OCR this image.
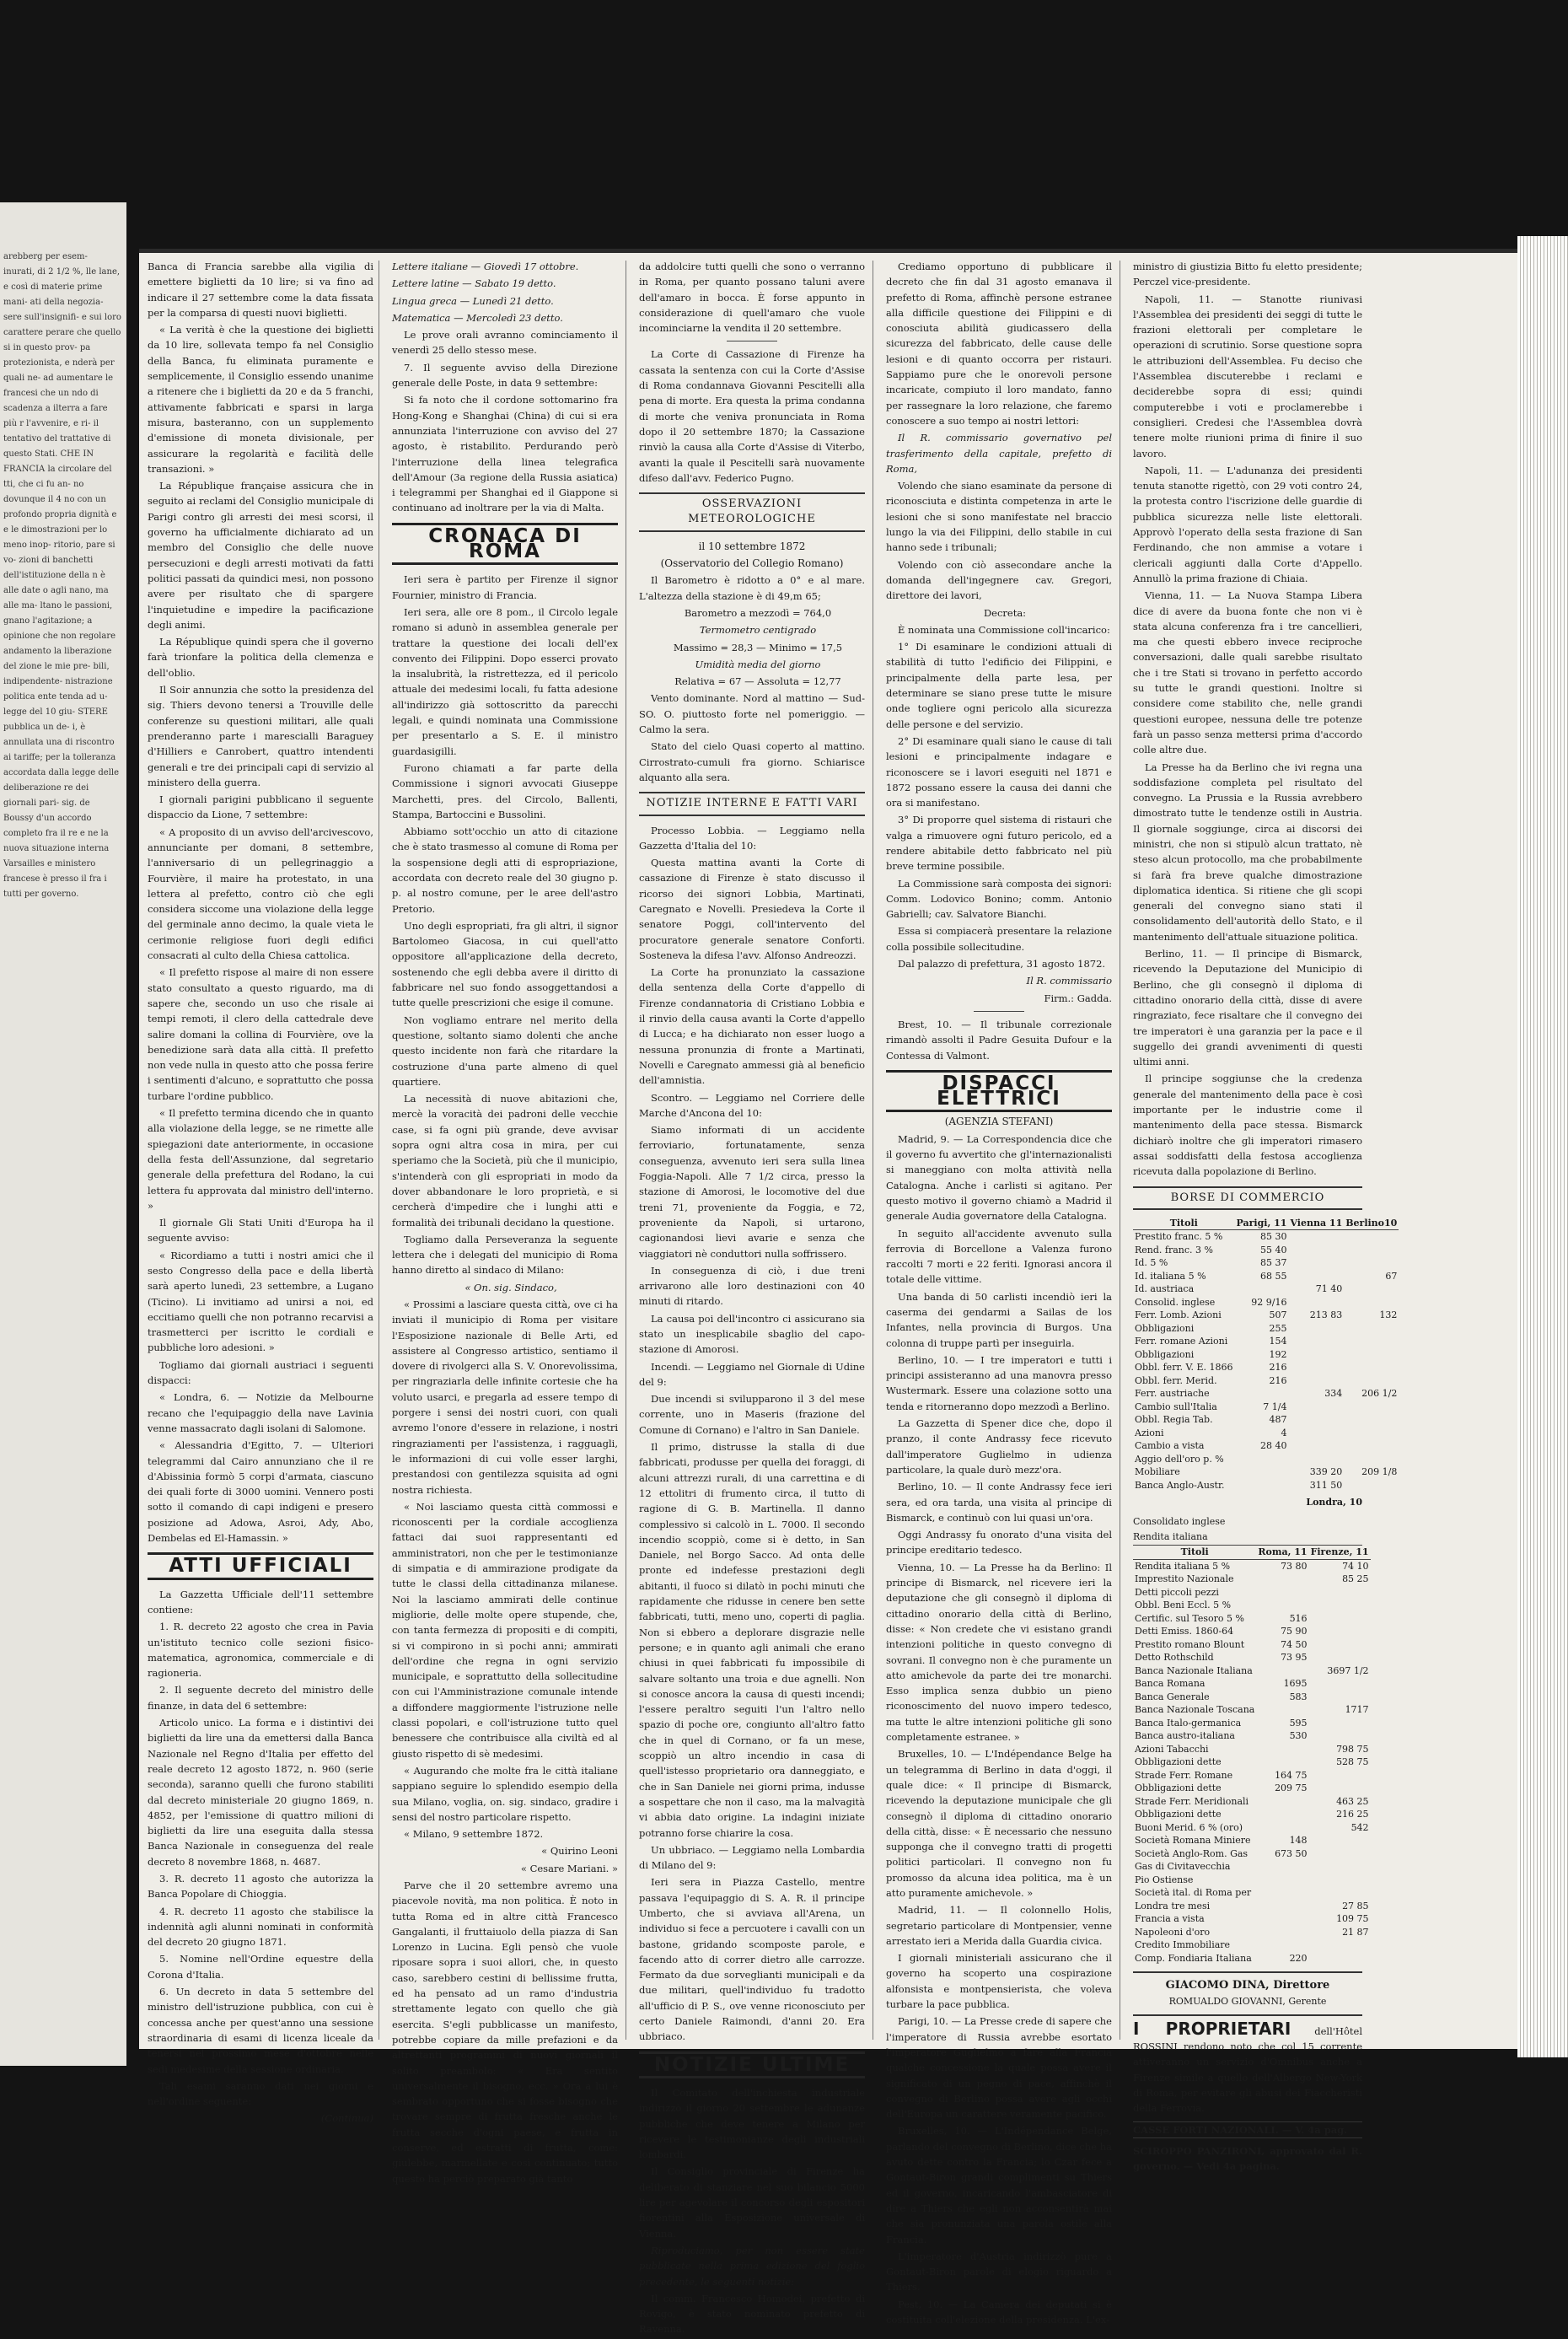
arebberg per esem- inurati, di 2 1/2 %, lle lane, e così di materie prime mani- ati della negozia- sere sull'insignifi- e sui loro carattere perare che quello si in questo prov- pa protezionista, e nderà per quali ne- ad aumentare le francesi che un ndo di scadenza a ilterra a fare più r l'avvenire, e ri- il tentativo del trattative di questo Stati. CHE IN FRANCIA la circolare del tti, che ci fu an- no dovunque il 4 no con un profondo propria dignità e e le dimostrazioni per lo meno inop- ritorio, pare si vo- zioni di banchetti dell'istituzione della n è alle date o agli nano, ma alle ma- ltano le passioni, gnano l'agitazione; a opinione che non regolare andamento la liberazione del zione le mie pre- bili, indipendente- nistrazione politica ente tenda ad u- legge del 10 giu- STERE pubblica un de- i, è annullata una di riscontro ai tariffe; per la tolleranza accordata dalla legge delle deliberazione re dei giornali pari- sig. de Boussy d'un accordo completo fra il re e ne la nuova situazione interna Varsailles e ministero francese è presso il fra i tutti per governo.

Banca di Francia sarebbe alla vigilia di emettere biglietti da 10 lire; si va fino ad indicare il 27 settembre come la data fissata per la comparsa di questi nuovi biglietti.

« La verità è che la questione dei biglietti da 10 lire, sollevata tempo fa nel Consiglio della Banca, fu eliminata puramente e semplicemente, il Consiglio essendo unanime a ritenere che i biglietti da 20 e da 5 franchi, attivamente fabbricati e sparsi in larga misura, basteranno, con un supplemento d'emissione di moneta divisionale, per assicurare la regolarità e facilità delle transazioni. »

La République française assicura che in seguito ai reclami del Consiglio municipale di Parigi contro gli arresti dei mesi scorsi, il governo ha ufficialmente dichiarato ad un membro del Consiglio che delle nuove persecuzioni e degli arresti motivati da fatti politici passati da quindici mesi, non possono avere per risultato che di spargere l'inquietudine e impedire la pacificazione degli animi.

La République quindi spera che il governo farà trionfare la politica della clemenza e dell'oblio.

Il Soir annunzia che sotto la presidenza del sig. Thiers devono tenersi a Trouville delle conferenze su questioni militari, alle quali prenderanno parte i marescialli Baraguey d'Hilliers e Canrobert, quattro intendenti generali e tre dei principali capi di servizio al ministero della guerra.

I giornali parigini pubblicano il seguente dispaccio da Lione, 7 settembre:

« A proposito di un avviso dell'arcivescovo, annunciante per domani, 8 settembre, l'anniversario di un pellegrinaggio a Fourvière, il maire ha protestato, in una lettera al prefetto, contro ciò che egli considera siccome una violazione della legge del germinale anno decimo, la quale vieta le cerimonie religiose fuori degli edifici consacrati al culto della Chiesa cattolica.

« Il prefetto rispose al maire di non essere stato consultato a questo riguardo, ma di sapere che, secondo un uso che risale ai tempi remoti, il clero della cattedrale deve salire domani la collina di Fourvière, ove la benedizione sarà data alla città. Il prefetto non vede nulla in questo atto che possa ferire i sentimenti d'alcuno, e soprattutto che possa turbare l'ordine pubblico.

« Il prefetto termina dicendo che in quanto alla violazione della legge, se ne rimette alle spiegazioni date anteriormente, in occasione della festa dell'Assunzione, dal segretario generale della prefettura del Rodano, la cui lettera fu approvata dal ministro dell'interno. »

Il giornale Gli Stati Uniti d'Europa ha il seguente avviso:

« Ricordiamo a tutti i nostri amici che il sesto Congresso della pace e della libertà sarà aperto lunedì, 23 settembre, a Lugano (Ticino). Li invitiamo ad unirsi a noi, ed eccitiamo quelli che non potranno recarvisi a trasmetterci per iscritto le cordiali e pubbliche loro adesioni. »

Togliamo dai giornali austriaci i seguenti dispacci:

« Londra, 6. — Notizie da Melbourne recano che l'equipaggio della nave Lavinia venne massacrato dagli isolani di Salomone.

« Alessandria d'Egitto, 7. — Ulteriori telegrammi dal Cairo annunziano che il re d'Abissinia formò 5 corpi d'armata, ciascuno dei quali forte di 3000 uomini. Vennero posti sotto il comando di capi indigeni e presero posizione ad Adowa, Asroi, Ady, Abo, Dembelas ed El-Hamassin. »

ATTI UFFICIALI

La Gazzetta Ufficiale dell'11 settembre contiene:

1. R. decreto 22 agosto che crea in Pavia un'istituto tecnico colle sezioni fisico-matematica, agronomica, commerciale e di ragioneria.

2. Il seguente decreto del ministro delle finanze, in data del 6 settembre:

Articolo unico. La forma e i distintivi dei biglietti da lire una da emettersi dalla Banca Nazionale nel Regno d'Italia per effetto del reale decreto 12 agosto 1872, n. 960 (serie seconda), saranno quelli che furono stabiliti dal decreto ministeriale 20 giugno 1869, n. 4852, per l'emissione di quattro milioni di biglietti da lire una eseguita dalla stessa Banca Nazionale in conseguenza del reale decreto 8 novembre 1868, n. 4687.

3. R. decreto 11 agosto che autorizza la Banca Popolare di Chioggia.

4. R. decreto 11 agosto che stabilisce la indennità agli alunni nominati in conformità del decreto 20 giugno 1871.

5. Nomine nell'Ordine equestre della Corona d'Italia.

6. Un decreto in data 5 settembre del ministro dell'istruzione pubblica, con cui è concessa anche per quest'anno una sessione straordinaria di esami di licenza liceale da tenersi nel prossimo mese d'ottobre nelle sedi medesime della sessione ordinaria.

Tali esami saranno dati nei giorni e nell'ordine seguente:

(Continua)

Lettere italiane — Giovedì 17 ottobre.

Lettere latine — Sabato 19 detto.

Lingua greca — Lunedì 21 detto.

Matematica — Mercoledì 23 detto.

Le prove orali avranno cominciamento il venerdì 25 dello stesso mese.

7. Il seguente avviso della Direzione generale delle Poste, in data 9 settembre:

Si fa noto che il cordone sottomarino fra Hong-Kong e Shanghai (China) di cui si era annunziata l'interruzione con avviso del 27 agosto, è ristabilito. Perdurando però l'interruzione della linea telegrafica dell'Amour (3a regione della Russia asiatica) i telegrammi per Shanghai ed il Giappone si continuano ad inoltrare per la via di Malta.

CRONACA DI ROMA

Ieri sera è partito per Firenze il signor Fournier, ministro di Francia.

Ieri sera, alle ore 8 pom., il Circolo legale romano si adunò in assemblea generale per trattare la questione dei locali dell'ex convento dei Filippini. Dopo esserci provato la insalubrità, la ristrettezza, ed il pericolo attuale dei medesimi locali, fu fatta adesione all'indirizzo già sottoscritto da parecchi legali, e quindi nominata una Commissione per presentarlo a S. E. il ministro guardasigilli.

Furono chiamati a far parte della Commissione i signori avvocati Giuseppe Marchetti, pres. del Circolo, Ballenti, Stampa, Bartoccini e Bussolini.

Abbiamo sott'occhio un atto di citazione che è stato trasmesso al comune di Roma per la sospensione degli atti di espropriazione, accordata con decreto reale del 30 giugno p. p. al nostro comune, per le aree dell'astro Pretorio.

Uno degli espropriati, fra gli altri, il signor Bartolomeo Giacosa, in cui quell'atto oppositore all'applicazione della decreto, sostenendo che egli debba avere il diritto di fabbricare nel suo fondo assoggettandosi a tutte quelle prescrizioni che esige il comune.

Non vogliamo entrare nel merito della questione, soltanto siamo dolenti che anche questo incidente non farà che ritardare la costruzione d'una parte almeno di quel quartiere.

La necessità di nuove abitazioni che, mercè la voracità dei padroni delle vecchie case, si fa ogni più grande, deve avvisar sopra ogni altra cosa in mira, per cui speriamo che la Società, più che il municipio, s'intenderà con gli espropriati in modo da dover abbandonare le loro proprietà, e si cercherà d'impedire che i lunghi atti e formalità dei tribunali decidano la questione.

Togliamo dalla Perseveranza la seguente lettera che i delegati del municipio di Roma hanno diretto al sindaco di Milano:

« On. sig. Sindaco,

« Prossimi a lasciare questa città, ove ci ha inviati il municipio di Roma per visitare l'Esposizione nazionale di Belle Arti, ed assistere al Congresso artistico, sentiamo il dovere di rivolgerci alla S. V. Onorevolissima, per ringraziarla delle infinite cortesie che ha voluto usarci, e pregarla ad essere tempo di porgere i sensi dei nostri cuori, con quali avremo l'onore d'essere in relazione, i nostri ringraziamenti per l'assistenza, i ragguagli, le informazioni di cui volle esser larghi, prestandosi con gentilezza squisita ad ogni nostra richiesta.

« Noi lasciamo questa città commossi e riconoscenti per la cordiale accoglienza fattaci dai suoi rappresentanti ed amministratori, non che per le testimonianze di simpatia e di ammirazione prodigate da tutte le classi della cittadinanza milanese. Noi la lasciamo ammirati delle continue migliorie, delle molte opere stupende, che, con tanta fermezza di propositi e di compiti, si vi compirono in sì pochi anni; ammirati dell'ordine che regna in ogni servizio municipale, e soprattutto della sollecitudine con cui l'Amministrazione comunale intende a diffondere maggiormente l'istruzione nelle classi popolari, e coll'istruzione tutto quel benessere che contribuisce alla civiltà ed al giusto rispetto di sè medesimi.

« Augurando che molte fra le città italiane sappiano seguire lo splendido esempio della sua Milano, voglia, on. sig. sindaco, gradire i sensi del nostro particolare rispetto.

« Milano, 9 settembre 1872.

« Quirino Leoni

« Cesare Mariani. »

Parve che il 20 settembre avremo una piacevole novità, ma non politica. È noto in tutta Roma ed in altre città Francesco Gangalanti, il fruttaiuolo della piazza di San Lorenzo in Lucina. Egli pensò che vuole riposare sopra i suoi allori, che, in questo caso, sarebbero cestini di bellissime frutta, ed ha pensato ad un ramo d'industria strettamente legato con quello che già esercita. S'egli pubblicasse un manifesto, potrebbe copiare da mille prefazioni e da altrettanti programmi di nuovi giornali il solito preambolo: « Era sentito universalmente il bisogno, ecc. » Ora a lui è sembrato opportuno che si fosse bisogno che trovare sempre di frutta fresche anche le frutta secche d'ogni paese, e frutta in conserve, ed estratti di frutta, come: giulebbe, marmellate e così continuato; tutto questo ha perciò preparato già tanto

da addolcire tutti quelli che sono o verranno in Roma, per quanto possano taluni avere dell'amaro in bocca. È forse appunto in considerazione di quell'amaro che vuole incominciarne la vendita il 20 settembre.

La Corte di Cassazione di Firenze ha cassata la sentenza con cui la Corte d'Assise di Roma condannava Giovanni Pescitelli alla pena di morte. Era questa la prima condanna di morte che veniva pronunciata in Roma dopo il 20 settembre 1870; la Cassazione rinviò la causa alla Corte d'Assise di Viterbo, avanti la quale il Pescitelli sarà nuovamente difeso dall'avv. Federico Pugno.

OSSERVAZIONI METEOROLOGICHE
il 10 settembre 1872
(Osservatorio del Collegio Romano)

Il Barometro è ridotto a 0° e al mare. L'altezza della stazione è di 49,m 65;

Barometro a mezzodì = 764,0

Termometro centigrado

Massimo = 28,3 — Minimo = 17,5

Umidità media del giorno

Relativa = 67 — Assoluta = 12,77

Vento dominante. Nord al mattino — Sud-SO. O. piuttosto forte nel pomeriggio. — Calmo la sera.

Stato del cielo Quasi coperto al mattino. Cirrostrato-cumuli fra giorno. Schiarisce alquanto alla sera.

NOTIZIE INTERNE E FATTI VARI

Processo Lobbia. — Leggiamo nella Gazzetta d'Italia del 10:

Questa mattina avanti la Corte di cassazione di Firenze è stato discusso il ricorso dei signori Lobbia, Martinati, Caregnato e Novelli. Presiedeva la Corte il senatore Poggi, coll'intervento del procuratore generale senatore Conforti. Sosteneva la difesa l'avv. Alfonso Andreozzi.

La Corte ha pronunziato la cassazione della sentenza della Corte d'appello di Firenze condannatoria di Cristiano Lobbia e il rinvio della causa avanti la Corte d'appello di Lucca; e ha dichiarato non esser luogo a nessuna pronunzia di fronte a Martinati, Novelli e Caregnato ammessi già al beneficio dell'amnistia.

Scontro. — Leggiamo nel Corriere delle Marche d'Ancona del 10:

Siamo informati di un accidente ferroviario, fortunatamente, senza conseguenza, avvenuto ieri sera sulla linea Foggia-Napoli. Alle 7 1/2 circa, presso la stazione di Amorosi, le locomotive del due treni 71, proveniente da Foggia, e 72, proveniente da Napoli, si urtarono, cagionandosi lievi avarie e senza che viaggiatori nè conduttori nulla soffrissero.

In conseguenza di ciò, i due treni arrivarono alle loro destinazioni con 40 minuti di ritardo.

La causa poi dell'incontro ci assicurano sia stato un inesplicabile sbaglio del capo-stazione di Amorosi.

Incendi. — Leggiamo nel Giornale di Udine del 9:

Due incendi si svilupparono il 3 del mese corrente, uno in Maseris (frazione del Comune di Cornano) e l'altro in San Daniele.

Il primo, distrusse la stalla di due fabbricati, produsse per quella dei foraggi, di alcuni attrezzi rurali, di una carrettina e di 12 ettolitri di frumento circa, il tutto di ragione di G. B. Martinella. Il danno complessivo si calcolò in L. 7000. Il secondo incendio scoppiò, come si è detto, in San Daniele, nel Borgo Sacco. Ad onta delle pronte ed indefesse prestazioni degli abitanti, il fuoco si dilatò in pochi minuti che rapidamente che ridusse in cenere ben sette fabbricati, tutti, meno uno, coperti di paglia. Non si ebbero a deplorare disgrazie nelle persone; e in quanto agli animali che erano chiusi in quei fabbricati fu impossibile di salvare soltanto una troia e due agnelli. Non si conosce ancora la causa di questi incendi; l'essere peraltro seguiti l'un l'altro nello spazio di poche ore, congiunto all'altro fatto che in quel di Cornano, or fa un mese, scoppiò un altro incendio in casa di quell'istesso proprietario ora danneggiato, e che in San Daniele nei giorni prima, indusse a sospettare che non il caso, ma la malvagità vi abbia dato origine. La indagini iniziate potranno forse chiarire la cosa.

Un ubbriaco. — Leggiamo nella Lombardia di Milano del 9:

Ieri sera in Piazza Castello, mentre passava l'equipaggio di S. A. R. il principe Umberto, che si avviava all'Arena, un individuo si fece a percuotere i cavalli con un bastone, gridando scomposte parole, e facendo atto di correr dietro alle carrozze. Fermato da due sorveglianti municipali e da due militari, quell'individuo fu tradotto all'ufficio di P. S., ove venne riconosciuto per certo Daniele Raimondi, d'anni 20. Era ubbriaco.

NOTIZIE ULTIME

Il Comitato dell'inchiesta industriale indirizzò il giorno 20 settembre le adunanze pubbliche che deve tenere a Milano per ricevere le testimonianze degli industriali lombardi.

Il Consiglio provinciale di Firenze ha deliberato di stanziare nel suo bilancio 5000 lire per agevolare il concorso degli espositori fiorentini alla Esposizione universale di Vienna.

Riproduciamo, per non essere state pubblicate nella prima edizione del foglio precedente, le seguenti notizie:

Il comm. Francesco Homodei, prefetto di Rovigo, è stato nominato prefetto di Ravenna.

Crediamo opportuno di pubblicare il decreto che fin dal 31 agosto emanava il prefetto di Roma, affinchè persone estranee alla difficile questione dei Filippini e di conosciuta abilità giudicassero della sicurezza del fabbricato, delle cause delle lesioni e di quanto occorra per ristauri. Sappiamo pure che le onorevoli persone incaricate, compiuto il loro mandato, fanno per rassegnare la loro relazione, che faremo conoscere a suo tempo ai nostri lettori:

Il R. commissario governativo pel trasferimento della capitale, prefetto di Roma,

Volendo che siano esaminate da persone di riconosciuta e distinta competenza in arte le lesioni che si sono manifestate nel braccio lungo la via dei Filippini, dello stabile in cui hanno sede i tribunali;

Volendo con ciò assecondare anche la domanda dell'ingegnere cav. Gregori, direttore dei lavori,

Decreta:

È nominata una Commissione coll'incarico:

1° Di esaminare le condizioni attuali di stabilità di tutto l'edificio dei Filippini, e principalmente della parte lesa, per determinare se siano prese tutte le misure onde togliere ogni pericolo alla sicurezza delle persone e del servizio.

2° Di esaminare quali siano le cause di tali lesioni e principalmente indagare e riconoscere se i lavori eseguiti nel 1871 e 1872 possano essere la causa dei danni che ora si manifestano.

3° Di proporre quel sistema di ristauri che valga a rimuovere ogni futuro pericolo, ed a rendere abitabile detto fabbricato nel più breve termine possibile.

La Commissione sarà composta dei signori: Comm. Lodovico Bonino; comm. Antonio Gabrielli; cav. Salvatore Bianchi.

Essa si compiacerà presentare la relazione colla possibile sollecitudine.

Dal palazzo di prefettura, 31 agosto 1872.

Il R. commissario

Firm.: Gadda.

Brest, 10. — Il tribunale correzionale rimandò assolti il Padre Gesuita Dufour e la Contessa di Valmont.

DISPACCI ELETTRICI
(AGENZIA STEFANI)

Madrid, 9. — La Correspondencia dice che il governo fu avvertito che gl'internazionalisti si maneggiano con molta attività nella Catalogna. Anche i carlisti si agitano. Per questo motivo il governo chiamò a Madrid il generale Audia governatore della Catalogna.

In seguito all'accidente avvenuto sulla ferrovia di Borcellone a Valenza furono raccolti 7 morti e 22 feriti. Ignorasi ancora il totale delle vittime.

Una banda di 50 carlisti incendiò ieri la caserma dei gendarmi a Sailas de los Infantes, nella provincia di Burgos. Una colonna di truppe partì per inseguirla.

Berlino, 10. — I tre imperatori e tutti i principi assisteranno ad una manovra presso Wustermark. Essere una colazione sotto una tenda e ritorneranno dopo mezzodì a Berlino.

La Gazzetta di Spener dice che, dopo il pranzo, il conte Andrassy fece ricevuto dall'imperatore Guglielmo in udienza particolare, la quale durò mezz'ora.

Berlino, 10. — Il conte Andrassy fece ieri sera, ed ora tarda, una visita al principe di Bismarck, e continuò con lui quasi un'ora.

Oggi Andrassy fu onorato d'una visita del principe ereditario tedesco.

Vienna, 10. — La Presse ha da Berlino: Il principe di Bismarck, nel ricevere ieri la deputazione che gli consegnò il diploma di cittadino onorario della città di Berlino, disse: « Non credete che vi esistano grandi intenzioni politiche in questo convegno di sovrani. Il convegno non è che puramente un atto amichevole da parte dei tre monarchi. Esso implica senza dubbio un pieno riconoscimento del nuovo impero tedesco, ma tutte le altre intenzioni politiche gli sono completamente estranee. »

Bruxelles, 10. — L'Indépendance Belge ha un telegramma di Berlino in data d'oggi, il quale dice: « Il principe di Bismarck, ricevendo la deputazione municipale che gli consegnò il diploma di cittadino onorario della città, disse: « È necessario che nessuno supponga che il convegno tratti di progetti politici particolari. Il convegno non fu promosso da alcuna idea politica, ma è un atto puramente amichevole. »

Madrid, 11. — Il colonnello Holis, segretario particolare di Montpensier, venne arrestato ieri a Merida dalla Guardia civica.

I giornali ministeriali assicurano che il governo ha scoperto una cospirazione alfonsista e montpensierista, che voleva turbare la pace pubblica.

Parigi, 10. — La Presse crede di sapere che l'imperatore di Russia avrebbe esortato l'imperatore Guglielmo a fare alla Francia qualche concessione la quale possa avere il significato di un pegno di pace, affinchè il convegno di Berlino possa avere agli occhi dell'Europa un carattere veramente pacifico.

Bruxelles, 10. — L'Indépendance Belge, parlando del convegno di Berlino, dice che ha avuto dette contro la Francia; lo Czar fece a Gontaut-Biron grandi complimenti su Thiers ed il governo, incaricando l'ambasciatore di dire a Thiers che egli non acconsentirà mai che sia pronunziata una parola ostile alla Francia.

L'imperatore d'Austria indirizzò pure a Gontaut-Biron parole di elogio riguardo a Thiers.

Pest, 10. — La Camera dei deputati si è costituita coll'elezione della presidenza. L'ex-

ministro di giustizia Bitto fu eletto presidente; Perczel vice-presidente.

Napoli, 11. — Stanotte riunivasi l'Assemblea dei presidenti dei seggi di tutte le frazioni elettorali per completare le operazioni di scrutinio. Sorse questione sopra le attribuzioni dell'Assemblea. Fu deciso che l'Assemblea discuterebbe i reclami e deciderebbe sopra di essi; quindi computerebbe i voti e proclamerebbe i consiglieri. Credesi che l'Assemblea dovrà tenere molte riunioni prima di finire il suo lavoro.

Napoli, 11. — L'adunanza dei presidenti tenuta stanotte rigettò, con 29 voti contro 24, la protesta contro l'iscrizione delle guardie di pubblica sicurezza nelle liste elettorali. Approvò l'operato della sesta frazione di San Ferdinando, che non ammise a votare i clericali aggiunti dalla Corte d'Appello. Annullò la prima frazione di Chiaia.

Vienna, 11. — La Nuova Stampa Libera dice di avere da buona fonte che non vi è stata alcuna conferenza fra i tre cancellieri, ma che questi ebbero invece reciproche conversazioni, dalle quali sarebbe risultato che i tre Stati si trovano in perfetto accordo su tutte le grandi questioni. Inoltre si considere come stabilito che, nelle grandi questioni europee, nessuna delle tre potenze farà un passo senza mettersi prima d'accordo colle altre due.

La Presse ha da Berlino che ivi regna una soddisfazione completa pel risultato del convegno. La Prussia e la Russia avrebbero dimostrato tutte le tendenze ostili in Austria. Il giornale soggiunge, circa ai discorsi dei ministri, che non si stipulò alcun trattato, nè steso alcun protocollo, ma che probabilmente si farà fra breve qualche dimostrazione diplomatica identica. Si ritiene che gli scopi generali del convegno siano stati il consolidamento dell'autorità dello Stato, e il mantenimento dell'attuale situazione politica.

Berlino, 11. — Il principe di Bismarck, ricevendo la Deputazione del Municipio di Berlino, che gli consegnò il diploma di cittadino onorario della città, disse di avere ringraziato, fece risaltare che il convegno dei tre imperatori è una garanzia per la pace e il suggello dei grandi avvenimenti di questi ultimi anni.

Il principe soggiunse che la credenza generale del mantenimento della pace è così importante per le industrie come il mantenimento della pace stessa. Bismarck dichiarò inoltre che gli imperatori rimasero assai soddisfatti della festosa accoglienza ricevuta dalla popolazione di Berlino.

BORSE DI COMMERCIO
Titoli	Parigi, 11	Vienna 11	Berlino10
Prestito franc. 5 %	85 30		
Rend. franc. 3 %	55 40		
Id. 5 %	85 37		
Id. italiana 5 %	68 55		67
Id. austriaca		71 40	
Consolid. inglese	92 9/16		
Ferr. Lomb. Azioni	507	213 83	132
Obbligazioni	255		
Ferr. romane Azioni	154		
Obbligazioni	192		
Obbl. ferr. V. E. 1866	216		
Obbl. ferr. Merid.	216		
Ferr. austriache		334	206 1/2
Cambio sull'Italia	7 1/4		
Obbl. Regia Tab.	487		
Azioni	4		
Cambio a vista	28 40		
Aggio dell'oro p. %			
Mobiliare		339 20	209 1/8
Banca Anglo-Austr.		311 50	
Londra, 10
Consolidato inglese
Rendita italiana
Titoli	Roma, 11	Firenze, 11
Rendita italiana 5 %	73 80	74 10
Imprestito Nazionale		85 25
Detti piccoli pezzi		
Obbl. Beni Eccl. 5 %		
Certific. sul Tesoro 5 %	516	
Detti Emiss. 1860-64	75 90	
Prestito romano Blount	74 50	
Detto Rothschild	73 95	
Banca Nazionale Italiana		3697 1/2
Banca Romana	1695	
Banca Generale	583	
Banca Nazionale Toscana		1717
Banca Italo-germanica	595	
Banca austro-italiana	530	
Azioni Tabacchi		798 75
Obbligazioni dette		528 75
Strade Ferr. Romane	164 75	
Obbligazioni dette	209 75	
Strade Ferr. Meridionali		463 25
Obbligazioni dette		216 25
Buoni Merid. 6 % (oro)		542
Società Romana Miniere	148	
Società Anglo-Rom. Gas	673 50	
Gas di Civitavecchia		
Pio Ostiense		
Società ital. di Roma per		
Londra tre mesi		27 85
Francia a vista		109 75
Napoleoni d'oro		21 87
Credito Immobiliare		
Comp. Fondiaria Italiana	220	
GIACOMO DINA, Direttore
ROMUALDO GIOVANNI, Gerente

I PROPRIETARI dell'Hôtel ROSSINI rendono noto che col 15 corrente attiveranno un servizio d'Omnibus anche a Firenze simile a quello dell'Albergo New-York di Roma, per evitare gli abusi dei Fiaccheristi della Ferrovia.

CASSE FORTI NAZIONALI. — V. 4a pag.

SCIROPPO PANZIRONI, approvato dal R. governo. — Vedi 4a pagina.
